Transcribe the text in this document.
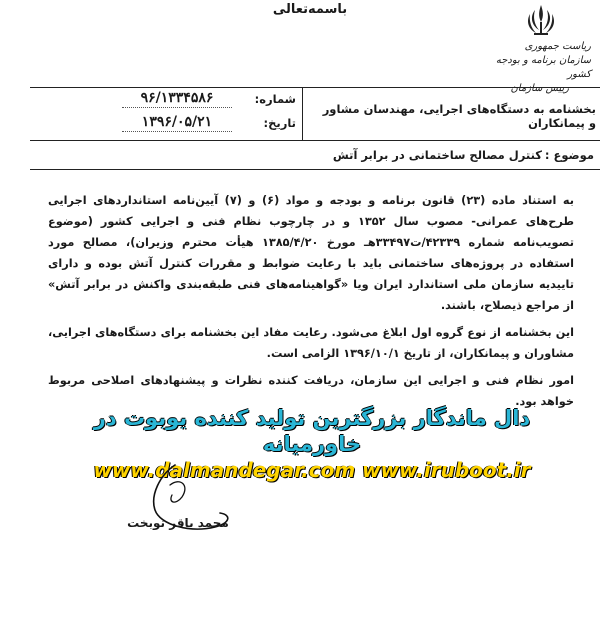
باسمه‌تعالی
ریاست جمهوری
سازمان برنامه و بودجه کشور
رییس سازمان
بخشنامه به دستگاه‌های اجرایی، مهندسان مشاور و پیمانکاران
شماره:
۹۶/۱۳۳۴۵۸۶
تاریخ:
۱۳۹۶/۰۵/۲۱
موضوع :
کنترل مصالح ساختمانی در برابر آتش

به استناد ماده (۲۳) قانون برنامه و بودجه و مواد (۶) و (۷) آیین‌نامه استانداردهای اجرایی طرح‌های عمرانی- مصوب سال ۱۳۵۲ و در چارچوب نظام فنی و اجرایی کشور (موضوع تصویب‌نامه شماره ۴۲۳۳۹/ت۳۳۴۹۷هـ مورخ ۱۳۸۵/۴/۲۰ هیأت محترم وزیران)، مصالح مورد استفاده در پروژه‌های ساختمانی باید با رعایت ضوابط و مقررات کنترل آتش بوده و دارای تاییدیه سازمان ملی استاندارد ایران ویا «گواهینامه‌های فنی طبقه‌بندی واکنش در برابر آتش» از مراجع ذیصلاح، باشند.

این بخشنامه از نوع گروه اول ابلاغ می‌شود. رعایت مفاد این بخشنامه برای دستگاه‌های اجرایی، مشاوران و پیمانکاران، از تاریخ ۱۳۹۶/۱۰/۱ الزامی است.

امور نظام فنی و اجرایی این سازمان، دریافت کننده نظرات و پیشنهادهای اصلاحی مربوط خواهد بود.

دال ماندگار بزرگترین تولید کننده یوبوت در خاورمیانه
www.dalmandegar.com www.iruboot.ir
محمد باقر نوبخت
